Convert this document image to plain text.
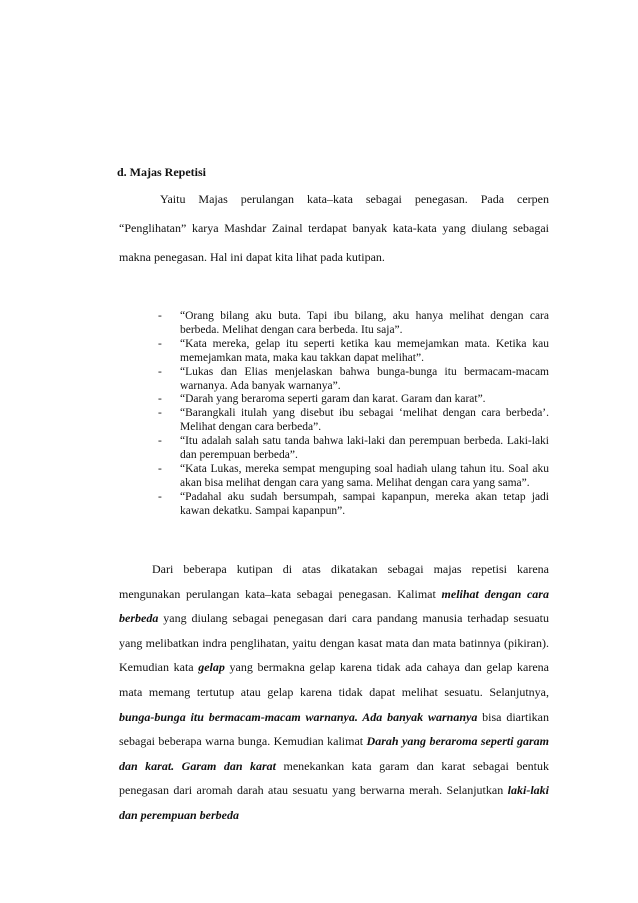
d. Majas Repetisi

Yaitu Majas perulangan kata–kata sebagai penegasan. Pada cerpen “Penglihatan” karya Mashdar Zainal terdapat banyak kata-kata yang diulang sebagai makna penegasan. Hal ini dapat kita lihat pada kutipan.

- “Orang bilang aku buta. Tapi ibu bilang, aku hanya melihat dengan cara berbeda. Melihat dengan cara berbeda. Itu saja”.
- “Kata mereka, gelap itu seperti ketika kau memejamkan mata. Ketika kau memejamkan mata, maka kau takkan dapat melihat”.
- “Lukas dan Elias menjelaskan bahwa bunga-bunga itu bermacam-macam warnanya. Ada banyak warnanya”.
- “Darah yang beraroma seperti garam dan karat. Garam dan karat”.
- “Barangkali itulah yang disebut ibu sebagai ‘melihat dengan cara berbeda’. Melihat dengan cara berbeda”.
- “Itu adalah salah satu tanda bahwa laki-laki dan perempuan berbeda. Laki-laki dan perempuan berbeda”.
- “Kata Lukas, mereka sempat menguping soal hadiah ulang tahun itu. Soal aku akan bisa melihat dengan cara yang sama. Melihat dengan cara yang sama”.
- “Padahal aku sudah bersumpah, sampai kapanpun, mereka akan tetap jadi kawan dekatku. Sampai kapanpun”.

Dari beberapa kutipan di atas dikatakan sebagai majas repetisi karena mengunakan perulangan kata–kata sebagai penegasan. Kalimat melihat dengan cara berbeda yang diulang sebagai penegasan dari cara pandang manusia terhadap sesuatu yang melibatkan indra penglihatan, yaitu dengan kasat mata dan mata batinnya (pikiran). Kemudian kata gelap yang bermakna gelap karena tidak ada cahaya dan gelap karena mata memang tertutup atau gelap karena tidak dapat melihat sesuatu. Selanjutnya, bunga-bunga itu bermacam-macam warnanya. Ada banyak warnanya bisa diartikan sebagai beberapa warna bunga. Kemudian kalimat Darah yang beraroma seperti garam dan karat. Garam dan karat menekankan kata garam dan karat sebagai bentuk penegasan dari aromah darah atau sesuatu yang berwarna merah. Selanjutkan laki-laki dan perempuan berbeda
